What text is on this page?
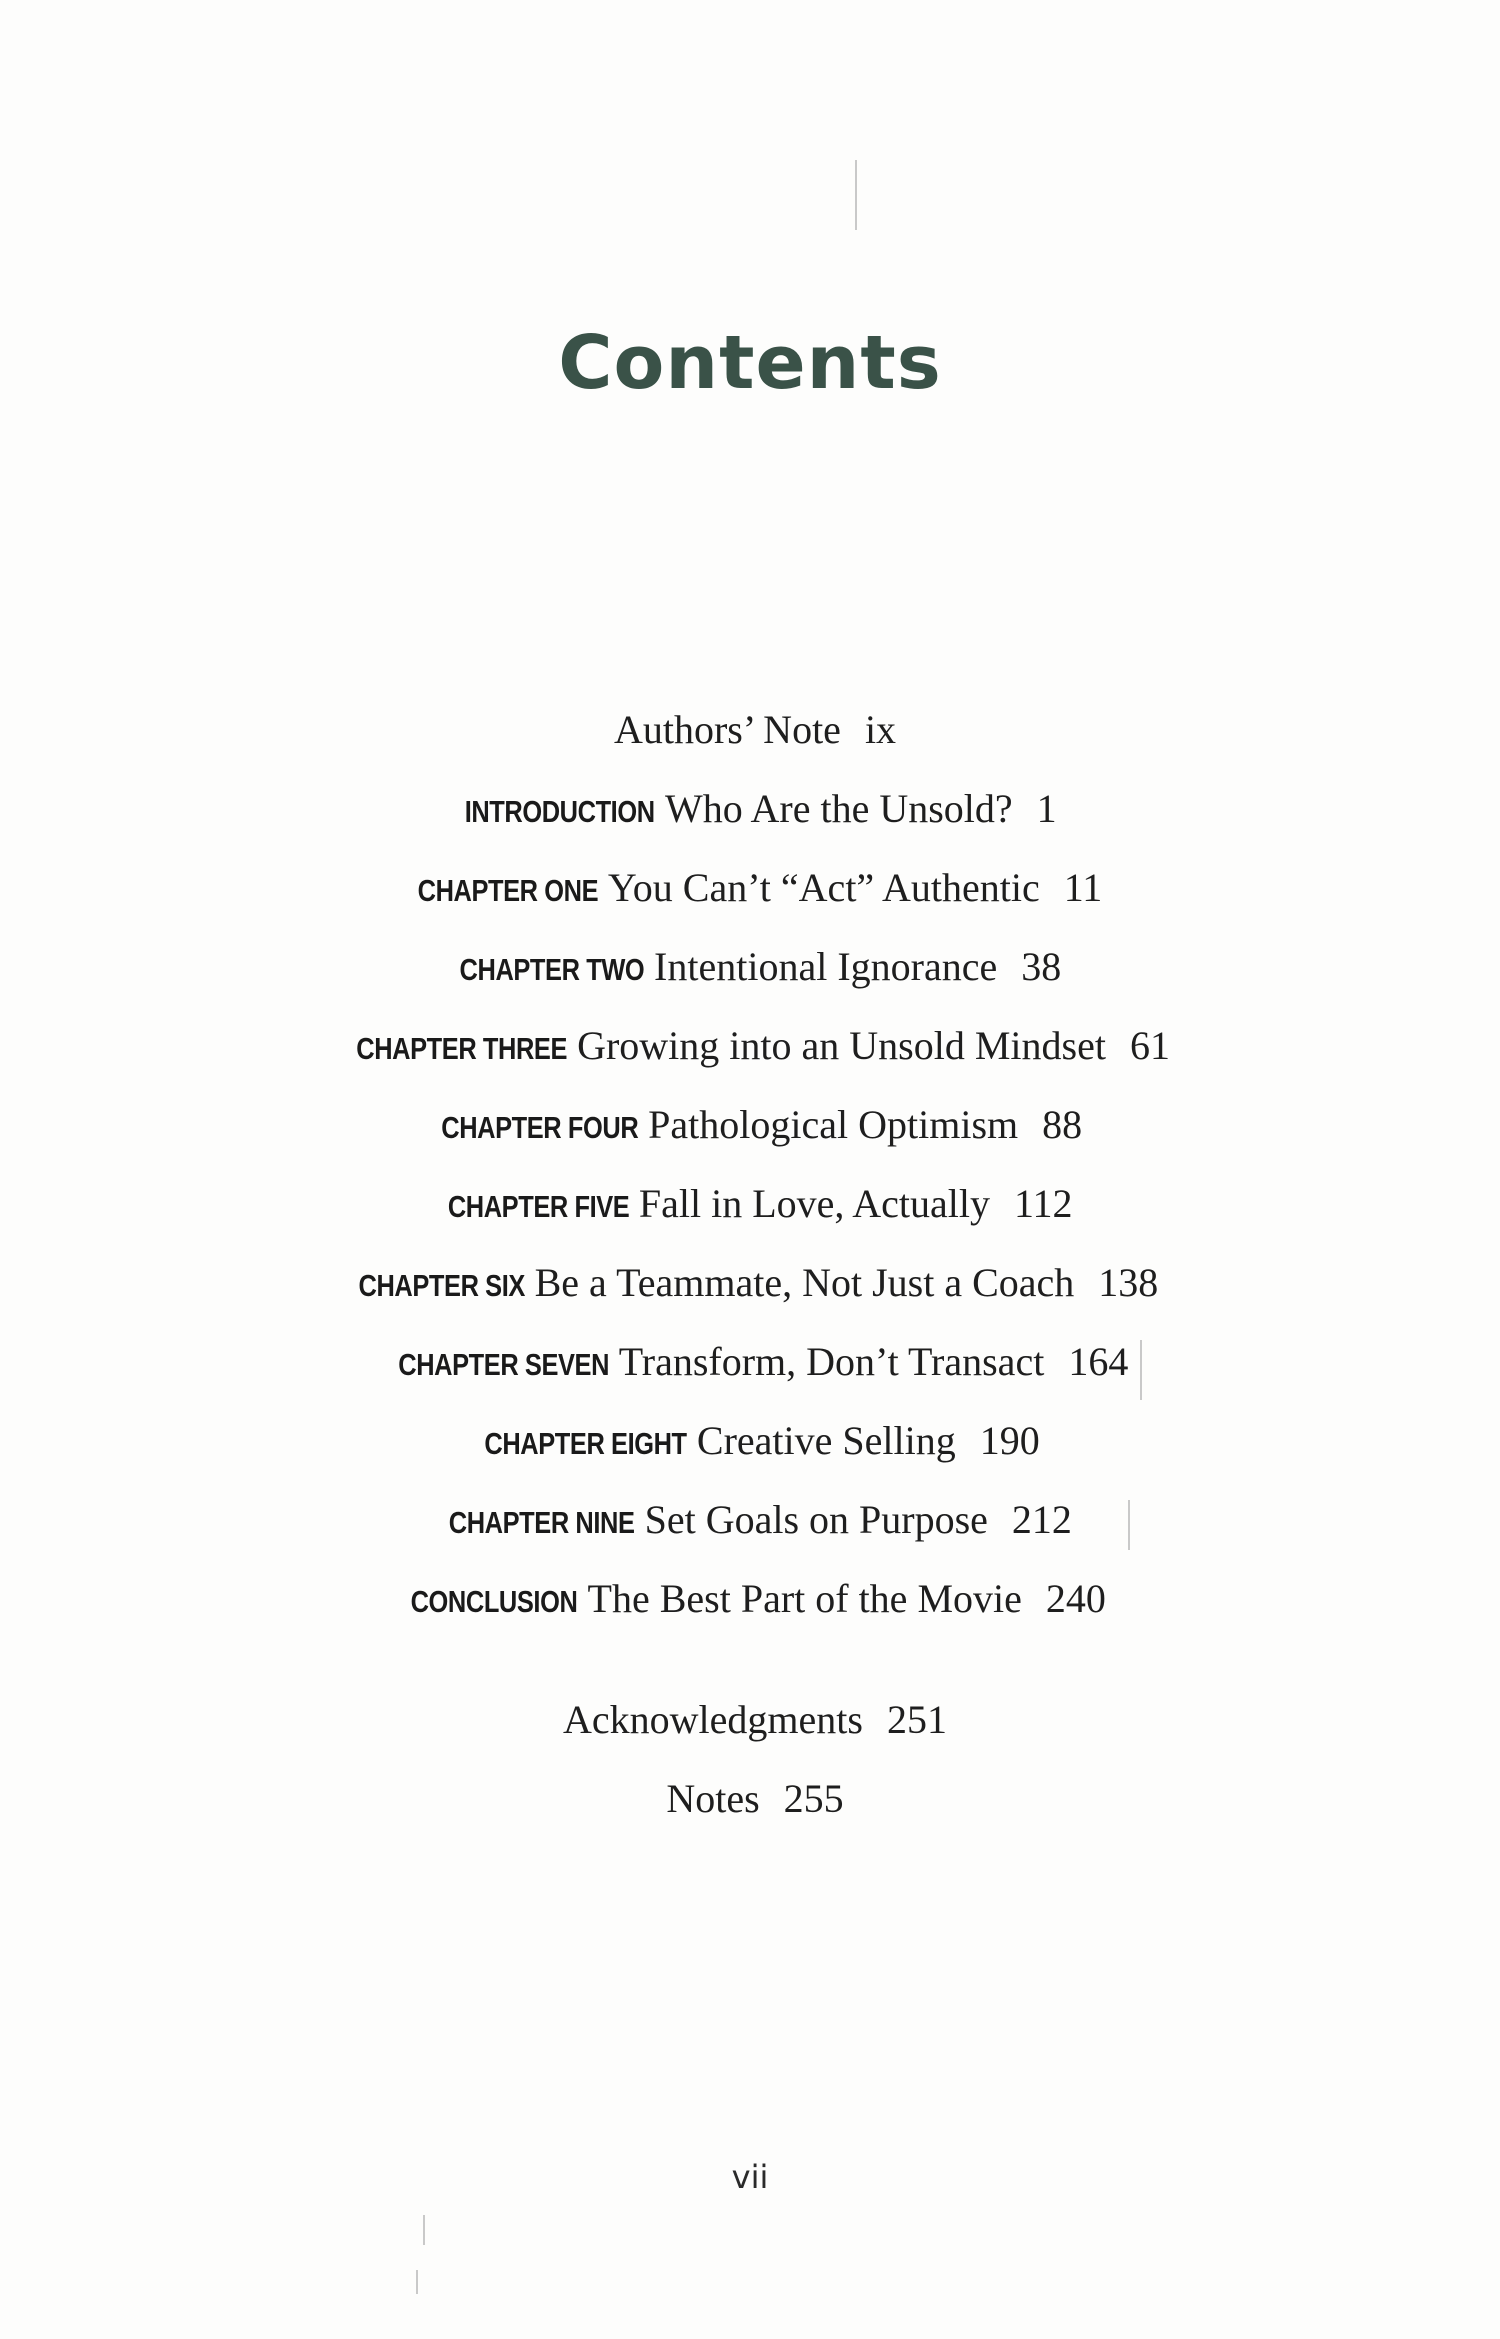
Contents
Authors’ Note ix
INTRODUCTION Who Are the Unsold? 1
CHAPTER ONE You Can’t “Act” Authentic 11
CHAPTER TWO Intentional Ignorance 38
CHAPTER THREE Growing into an Unsold Mindset 61
CHAPTER FOUR Pathological Optimism 88
CHAPTER FIVE Fall in Love, Actually 112
CHAPTER SIX Be a Teammate, Not Just a Coach 138
CHAPTER SEVEN Transform, Don’t Transact 164
CHAPTER EIGHT Creative Selling 190
CHAPTER NINE Set Goals on Purpose 212
CONCLUSION The Best Part of the Movie 240
Acknowledgments 251
Notes 255
vii
